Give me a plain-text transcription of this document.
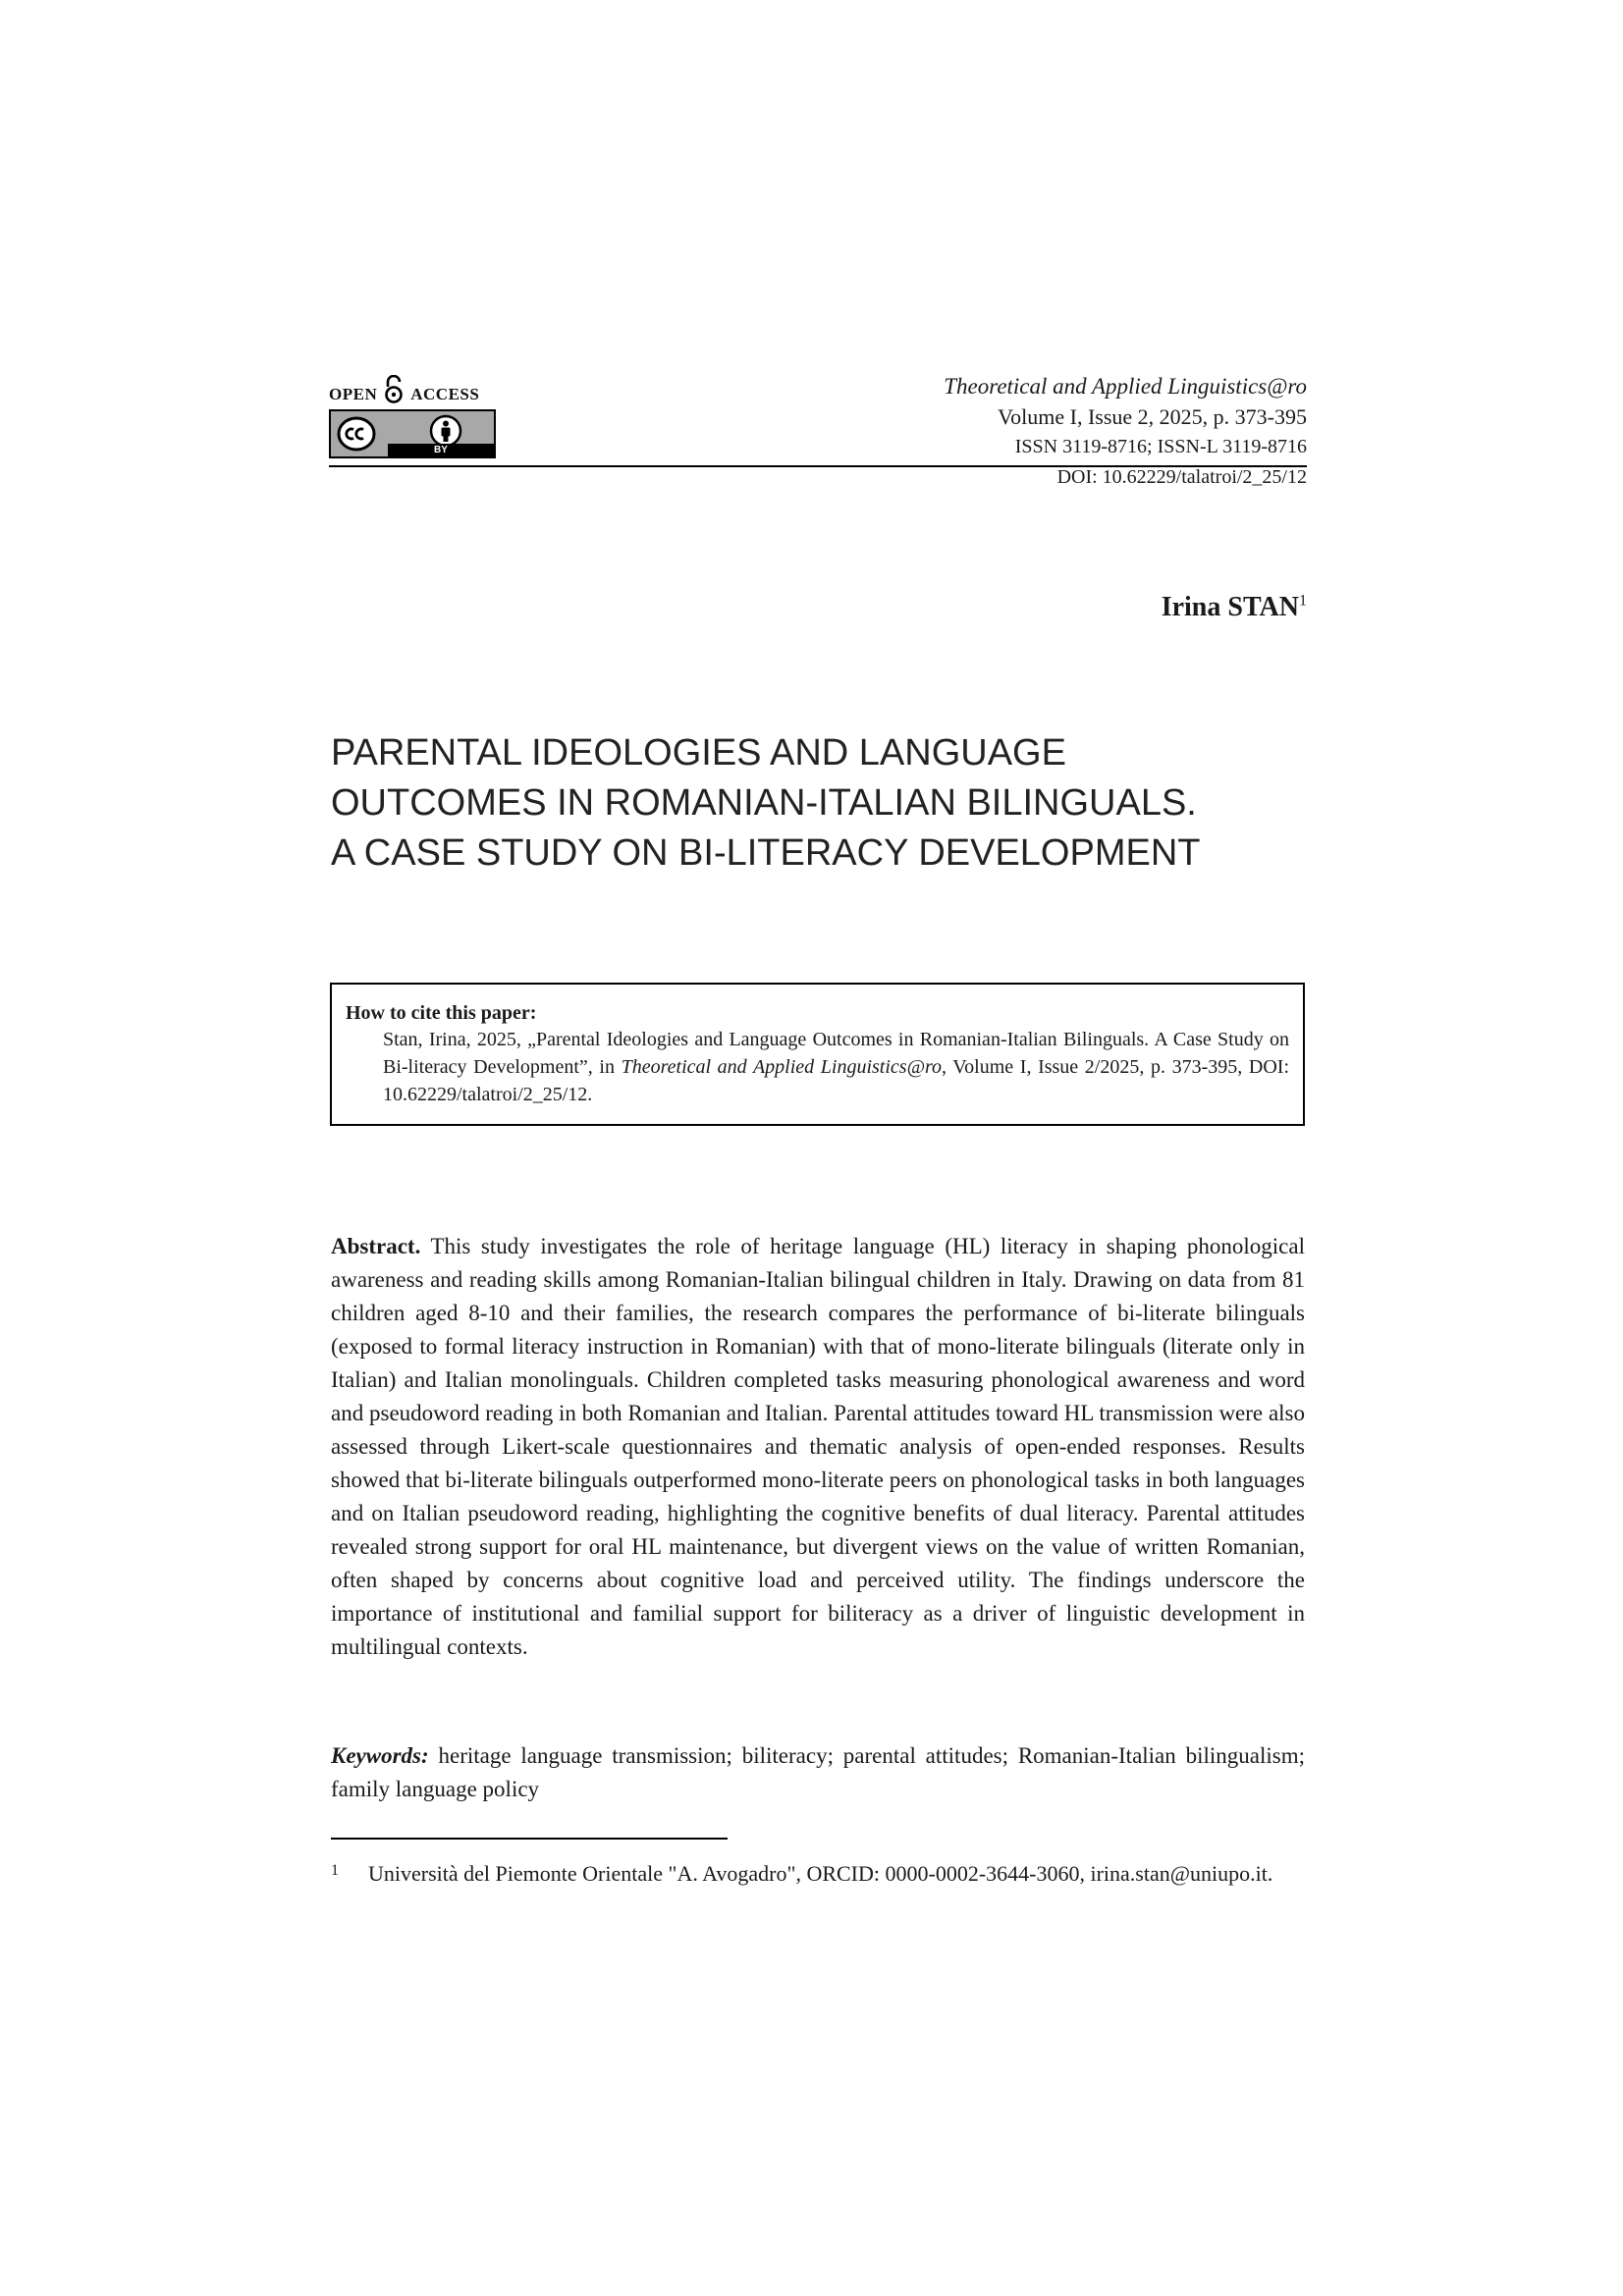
OPEN ACCESS
BY
Theoretical and Applied Linguistics@ro
Volume I, Issue 2, 2025, p. 373-395
ISSN 3119-8716; ISSN-L 3119-8716
DOI: 10.62229/talatroi/2_25/12
Irina STAN$^1$
PARENTAL IDEOLOGIES AND LANGUAGE
OUTCOMES IN ROMANIAN-ITALIAN BILINGUALS.
A CASE STUDY ON BI-LITERACY DEVELOPMENT
How to cite this paper:
Stan, Irina, 2025, „Parental Ideologies and Language Outcomes in Romanian-Italian Bilinguals. A Case Study on Bi-literacy Development”, in Theoretical and Applied Linguistics@ro, Volume I, Issue 2/2025, p. 373-395, DOI: 10.62229/talatroi/2_25/12.

Abstract. This study investigates the role of heritage language (HL) literacy in shaping phonological awareness and reading skills among Romanian-Italian bilingual children in Italy. Drawing on data from 81 children aged 8-10 and their families, the research compares the performance of bi-literate bilinguals (exposed to formal literacy instruction in Romanian) with that of mono-literate bilinguals (literate only in Italian) and Italian monolinguals. Children completed tasks measuring phonological awareness and word and pseudoword reading in both Romanian and Italian. Parental attitudes toward HL transmission were also assessed through Likert-scale questionnaires and thematic analysis of open-ended responses. Results showed that bi-literate bilinguals outperformed mono-literate peers on phonological tasks in both languages and on Italian pseudoword reading, highlighting the cognitive benefits of dual literacy. Parental attitudes revealed strong support for oral HL maintenance, but divergent views on the value of written Romanian, often shaped by concerns about cognitive load and perceived utility. The findings underscore the importance of institutional and familial support for biliteracy as a driver of linguistic development in multilingual contexts.

Keywords: heritage language transmission; biliteracy; parental attitudes; Romanian-Italian bilingualism; family language policy

1 Università del Piemonte Orientale "A. Avogadro", ORCID: 0000-0002-3644-3060, irina.stan@uniupo.it.
